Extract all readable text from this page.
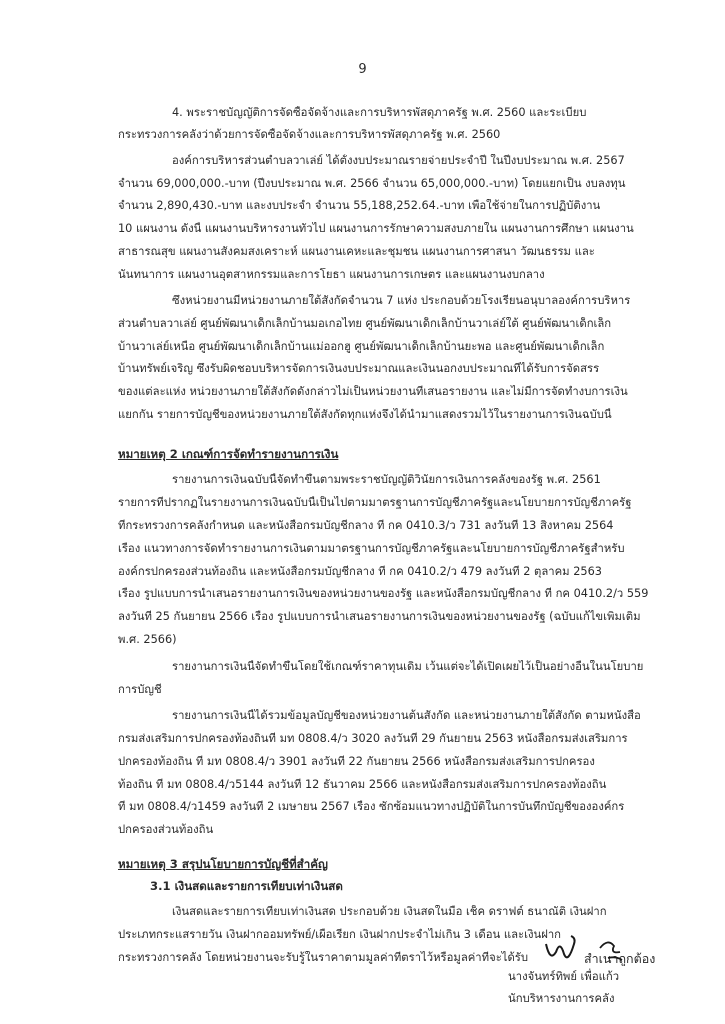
9
4. พระราชบัญญัติการจัดซื้อจัดจ้างและการบริหารพัสดุภาครัฐ พ.ศ. 2560 และระเบียบ
กระทรวงการคลังว่าด้วยการจัดซื้อจัดจ้างและการบริหารพัสดุภาครัฐ พ.ศ. 2560
องค์การบริหารส่วนตำบลวาเล่ย์ ได้ตั้งงบประมาณรายจ่ายประจำปี ในปีงบประมาณ พ.ศ. 2567
จำนวน 69,000,000.-บาท (ปีงบประมาณ พ.ศ. 2566 จำนวน 65,000,000.-บาท) โดยแยกเป็น งบลงทุน
จำนวน 2,890,430.-บาท และงบประจำ จำนวน 55,188,252.64.-บาท เพื่อใช้จ่ายในการปฏิบัติงาน
10 แผนงาน ดังนี้ แผนงานบริหารงานทั่วไป แผนงานการรักษาความสงบภายใน แผนงานการศึกษา แผนงาน
สาธารณสุข แผนงานสังคมสงเคราะห์ แผนงานเคหะและชุมชน แผนงานการศาสนา วัฒนธรรม และ
นันทนาการ แผนงานอุตสาหกรรมและการโยธา แผนงานการเกษตร และแผนงานงบกลาง
ซึ่งหน่วยงานมีหน่วยงานภายใต้สังกัดจำนวน 7 แห่ง ประกอบด้วยโรงเรียนอนุบาลองค์การบริหาร
ส่วนตำบลวาเล่ย์ ศูนย์พัฒนาเด็กเล็กบ้านมอเกอไทย ศูนย์พัฒนาเด็กเล็กบ้านวาเล่ย์ใต้ ศูนย์พัฒนาเด็กเล็ก
บ้านวาเล่ย์เหนือ ศูนย์พัฒนาเด็กเล็กบ้านแม่ออกฮู ศูนย์พัฒนาเด็กเล็กบ้านยะพอ และศูนย์พัฒนาเด็กเล็ก
บ้านทรัพย์เจริญ ซึ่งรับผิดชอบบริหารจัดการเงินงบประมาณและเงินนอกงบประมาณที่ได้รับการจัดสรร
ของแต่ละแห่ง หน่วยงานภายใต้สังกัดดังกล่าวไม่เป็นหน่วยงานที่เสนอรายงาน และไม่มีการจัดทำงบการเงิน
แยกกัน รายการบัญชีของหน่วยงานภายใต้สังกัดทุกแห่งจึงได้นำมาแสดงรวมไว้ในรายงานการเงินฉบับนี้
หมายเหตุ 2 เกณฑ์การจัดทำรายงานการเงิน
รายงานการเงินฉบับนี้จัดทำขึ้นตามพระราชบัญญัติวินัยการเงินการคลังของรัฐ พ.ศ. 2561
รายการที่ปรากฏในรายงานการเงินฉบับนี้เป็นไปตามมาตรฐานการบัญชีภาครัฐและนโยบายการบัญชีภาครัฐ
ที่กระทรวงการคลังกำหนด และหนังสือกรมบัญชีกลาง ที่ กค 0410.3/ว 731 ลงวันที่ 13 สิงหาคม 2564
เรื่อง แนวทางการจัดทำรายงานการเงินตามมาตรฐานการบัญชีภาครัฐและนโยบายการบัญชีภาครัฐสำหรับ
องค์กรปกครองส่วนท้องถิ่น และหนังสือกรมบัญชีกลาง ที่ กค 0410.2/ว 479 ลงวันที่ 2 ตุลาคม 2563
เรื่อง รูปแบบการนำเสนอรายงานการเงินของหน่วยงานของรัฐ และหนังสือกรมบัญชีกลาง ที่ กค 0410.2/ว 559
ลงวันที่ 25 กันยายน 2566 เรื่อง รูปแบบการนำเสนอรายงานการเงินของหน่วยงานของรัฐ (ฉบับแก้ไขเพิ่มเติม
พ.ศ. 2566)
รายงานการเงินนี้จัดทำขึ้นโดยใช้เกณฑ์ราคาทุนเดิม เว้นแต่จะได้เปิดเผยไว้เป็นอย่างอื่นในนโยบาย
การบัญชี
รายงานการเงินนี้ได้รวมข้อมูลบัญชีของหน่วยงานต้นสังกัด และหน่วยงานภายใต้สังกัด ตามหนังสือ
กรมส่งเสริมการปกครองท้องถิ่นที่ มท 0808.4/ว 3020 ลงวันที่ 29 กันยายน 2563 หนังสือกรมส่งเสริมการ
ปกครองท้องถิ่น ที่ มท 0808.4/ว 3901 ลงวันที่ 22 กันยายน 2566 หนังสือกรมส่งเสริมการปกครอง
ท้องถิ่น ที่ มท 0808.4/ว5144 ลงวันที่ 12 ธันวาคม 2566 และหนังสือกรมส่งเสริมการปกครองท้องถิ่น
ที่ มท 0808.4/ว1459 ลงวันที่ 2 เมษายน 2567 เรื่อง ซักซ้อมแนวทางปฏิบัติในการบันทึกบัญชีขององค์กร
ปกครองส่วนท้องถิ่น
หมายเหตุ 3 สรุปนโยบายการบัญชีที่สำคัญ
3.1 เงินสดและรายการเทียบเท่าเงินสด
เงินสดและรายการเทียบเท่าเงินสด ประกอบด้วย เงินสดในมือ เช็ค ดราฟต์ ธนาณัติ เงินฝาก
ประเภทกระแสรายวัน เงินฝากออมทรัพย์/เผื่อเรียก เงินฝากประจำไม่เกิน 3 เดือน และเงินฝาก
กระทรวงการคลัง โดยหน่วยงานจะรับรู้ในราคาตามมูลค่าที่ตราไว้หรือมูลค่าที่จะได้รับ	สำเนาถูกต้อง
นางจันทร์ทิพย์ เพื่อแก้ว
นักบริหารงานการคลัง
